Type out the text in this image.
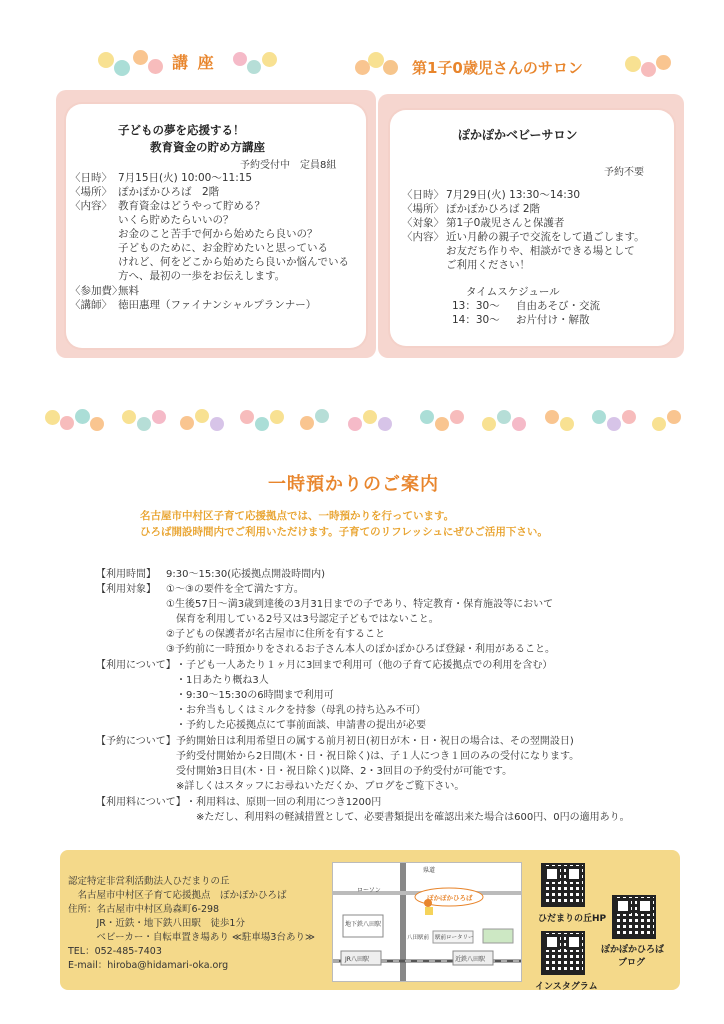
講 座	第1子0歳児さんのサロン
子どもの夢を応援する！
教育資金の貯め方講座
予約受付中　定員8組
〈日時〉 7月15日(火) 10:00～11:15
〈場所〉 ぽかぽかひろば　2階
〈内容〉 教育資金はどうやって貯める？
いくら貯めたらいいの？
お金のこと苦手で何から始めたら良いの？
子どものために、お金貯めたいと思っている
けれど、何をどこから始めたら良いか悩んでいる
方へ、最初の一歩をお伝えします。
〈参加費〉無料
〈講師〉 徳田惠理（ファイナンシャルプランナー）
ぽかぽかベビーサロン
予約不要
〈日時〉 7月29日(火) 13:30～14:30
〈場所〉 ぽかぽかひろば 2階
〈対象〉 第1子0歳児さんと保護者
〈内容〉 近い月齢の親子で交流をして過ごします。
お友だち作りや、相談ができる場として
ご利用ください！
タイムスケジュール
13：30～ 自由あそび・交流
14：30～ お片付け・解散
一時預かりのご案内
名古屋市中村区子育て応援拠点では、一時預かりを行っています。
ひろば開設時間内でご利用いただけます。子育てのリフレッシュにぜひご活用下さい。
【利用時間】 9:30～15:30(応援拠点開設時間内)
【利用対象】 ①～③の要件を全て満たす方。
①生後57日～満3歳到達後の3月31日までの子であり、特定教育・保育施設等において
　保育を利用している2号又は3号認定子どもではないこと。
②子どもの保護者が名古屋市に住所を有すること
③予約前に一時預かりをされるお子さん本人のぽかぽかひろば登録・利用があること。
【利用について】・子ども一人あたり１ヶ月に3回まで利用可（他の子育て応援拠点での利用を含む）
・1日あたり概ね3人
・9:30～15:30の6時間まで利用可
・お弁当もしくはミルクを持参（母乳の持ち込み不可）
・予約した応援拠点にて事前面談、申請書の提出が必要
【予約について】予約開始日は利用希望日の属する前月初日(初日が木・日・祝日の場合は、その翌開設日)
予約受付開始から2日間(木・日・祝日除く)は、子１人につき１回のみの受付になります。
受付開始3日目(木・日・祝日除く)以降、2・3回目の予約受付が可能です。
※詳しくはスタッフにお尋ねいただくか、ブログをご覧下さい。
【利用料について】・利用料は、原則一回の利用につき1200円
　※ただし、利用料の軽減措置として、必要書類提出を確認出来た場合は600円、0円の適用あり。
認定特定非営利活動法人ひだまりの丘
　名古屋市中村区子育て応援拠点　ぽかぽかひろば
住所：名古屋市中村区鳥森町6-298
　　　JR・近鉄・地下鉄八田駅　徒歩1分
　　　ベビーカー・自転車置き場あり ≪駐車場3台あり≫
TEL：052-485-7403
E-mail：hiroba@hidamari-oka.org
県道
ローソン
ぽかぽかひろば
地下鉄八田駅
JR八田駅	近鉄八田駅
八田駅前 駅前ロータリー
ひだまりの丘HP
インスタグラム
ぽかぽかひろば
ブログ
